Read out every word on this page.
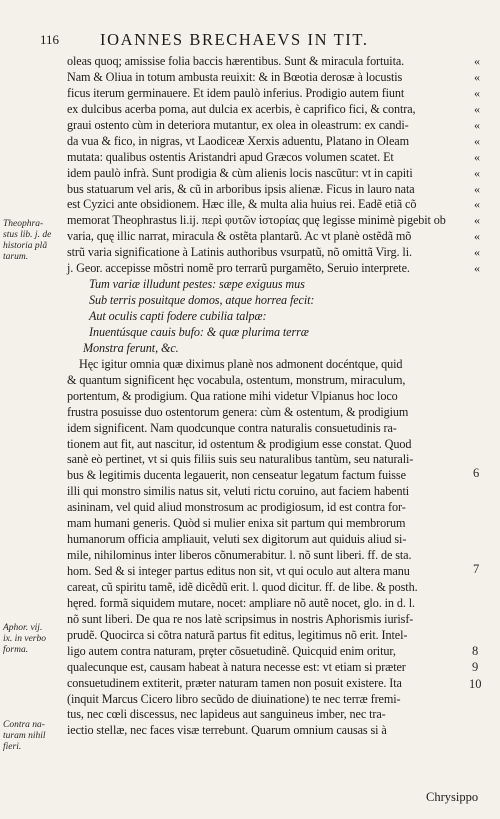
116 IOANNES BRECHAEVS IN TIT.
Theophra-
stus lib. j. de
historia plã
tarum.
Aphor. vij.
ix. in verbo
forma.
Contra na-
turam nihil
fieri.
oleas quoq; amissise folia baccis hærentibus. Sunt & miracula fortuita.
Nam & Oliua in totum ambusta reuixit: & in Bœotia derosæ à locustis
ficus iterum germinauere. Et idem paulò inferius. Prodigio autem fiunt
ex dulcibus acerba poma, aut dulcia ex acerbis, è caprifico fici, & contra,
graui ostento cùm in deteriora mutantur, ex olea in oleastrum: ex candi-
da vua & fico, in nigras, vt Laodiceæ Xerxis aduentu, Platano in Oleam
mutata: qualibus ostentis Aristandri apud Græcos volumen scatet. Et
idem paulò infrà. Sunt prodigia & cùm alienis locis nascũtur: vt in capiti
bus statuarum vel aris, & cũ in arboribus ipsis alienæ. Ficus in lauro nata
est Cyzici ante obsidionem. Hæc ille, & multa alia huius rei. Eadẽ etiã cõ
memorat Theophrastus li.ij. περὶ φυτῶν ἱστορίας quę legisse minimè pigebit ob
varia, quę illic narrat, miracula & ostẽta plantarũ. Ac vt planè ostẽdã mõ
strũ varia significatione à Latinis authoribus vsurpatũ, nõ omittã Virg. li.
j. Geor. accepisse mõstri nomẽ pro terrarũ purgamẽto, Seruio interprete.
Tum variæ illudunt pestes: sæpe exiguus mus
Sub terris posuitque domos, atque horrea fecit:
Aut oculis capti fodere cubilia talpæ:
Inuentúsque cauis bufo: & quæ plurima terræ
Monstra ferunt, &c.
Hęc igitur omnia quæ diximus planè nos admonent docéntque, quid
& quantum significent hęc vocabula, ostentum, monstrum, miraculum,
portentum, & prodigium. Qua ratione mihi videtur Vlpianus hoc loco
frustra posuisse duo ostentorum genera: cùm & ostentum, & prodigium
idem significent. Nam quodcunque contra naturalis consuetudinis ra-
tionem aut fit, aut nascitur, id ostentum & prodigium esse constat. Quod
sanè eò pertinet, vt si quis filiis suis seu naturalibus tantùm, seu naturali-
bus & legitimis ducenta legauerit, non censeatur legatum factum fuisse
illi qui monstro similis natus sit, veluti rictu coruino, aut faciem habenti
asininam, vel quid aliud monstrosum ac prodigiosum, id est contra for-
mam humani generis. Quòd si mulier enixa sit partum qui membrorum
humanorum officia ampliauit, veluti sex digitorum aut quiduis aliud si-
mile, nihilominus inter liberos cõnumerabitur. l. nõ sunt liberi. ff. de sta.
hom. Sed & si integer partus editus non sit, vt qui oculo aut altera manu
careat, cũ spiritu tamẽ, idẽ dicẽdũ erit. l. quod dicitur. ff. de libe. & posth.
hęred. formã siquidem mutare, nocet: ampliare nõ autẽ nocet, glo. in d. l.
nõ sunt liberi. De qua re nos latè scripsimus in nostris Aphorismis iurisf-
prudẽ. Quocirca si cõtra naturã partus fit editus, legitimus nõ erit. Intel-
ligo autem contra naturam, prȩter cõsuetudinẽ. Quicquid enim oritur,
qualecunque est, causam habeat à natura necesse est: vt etiam si præter
consuetudinem extiterit, præter naturam tamen non posuit existere. Ita
(inquit Marcus Cicero libro secũdo de diuinatione) te nec terræ fremi-
tus, nec cœli discessus, nec lapideus aut sanguineus imber, nec tra-
iectio stellæ, nec faces visæ terrebunt. Quarum omnium causas si à
«
«
«
«
«
«
«
«
«
«
«
«
«
«
6
7
8
9
10
Chrysippo
